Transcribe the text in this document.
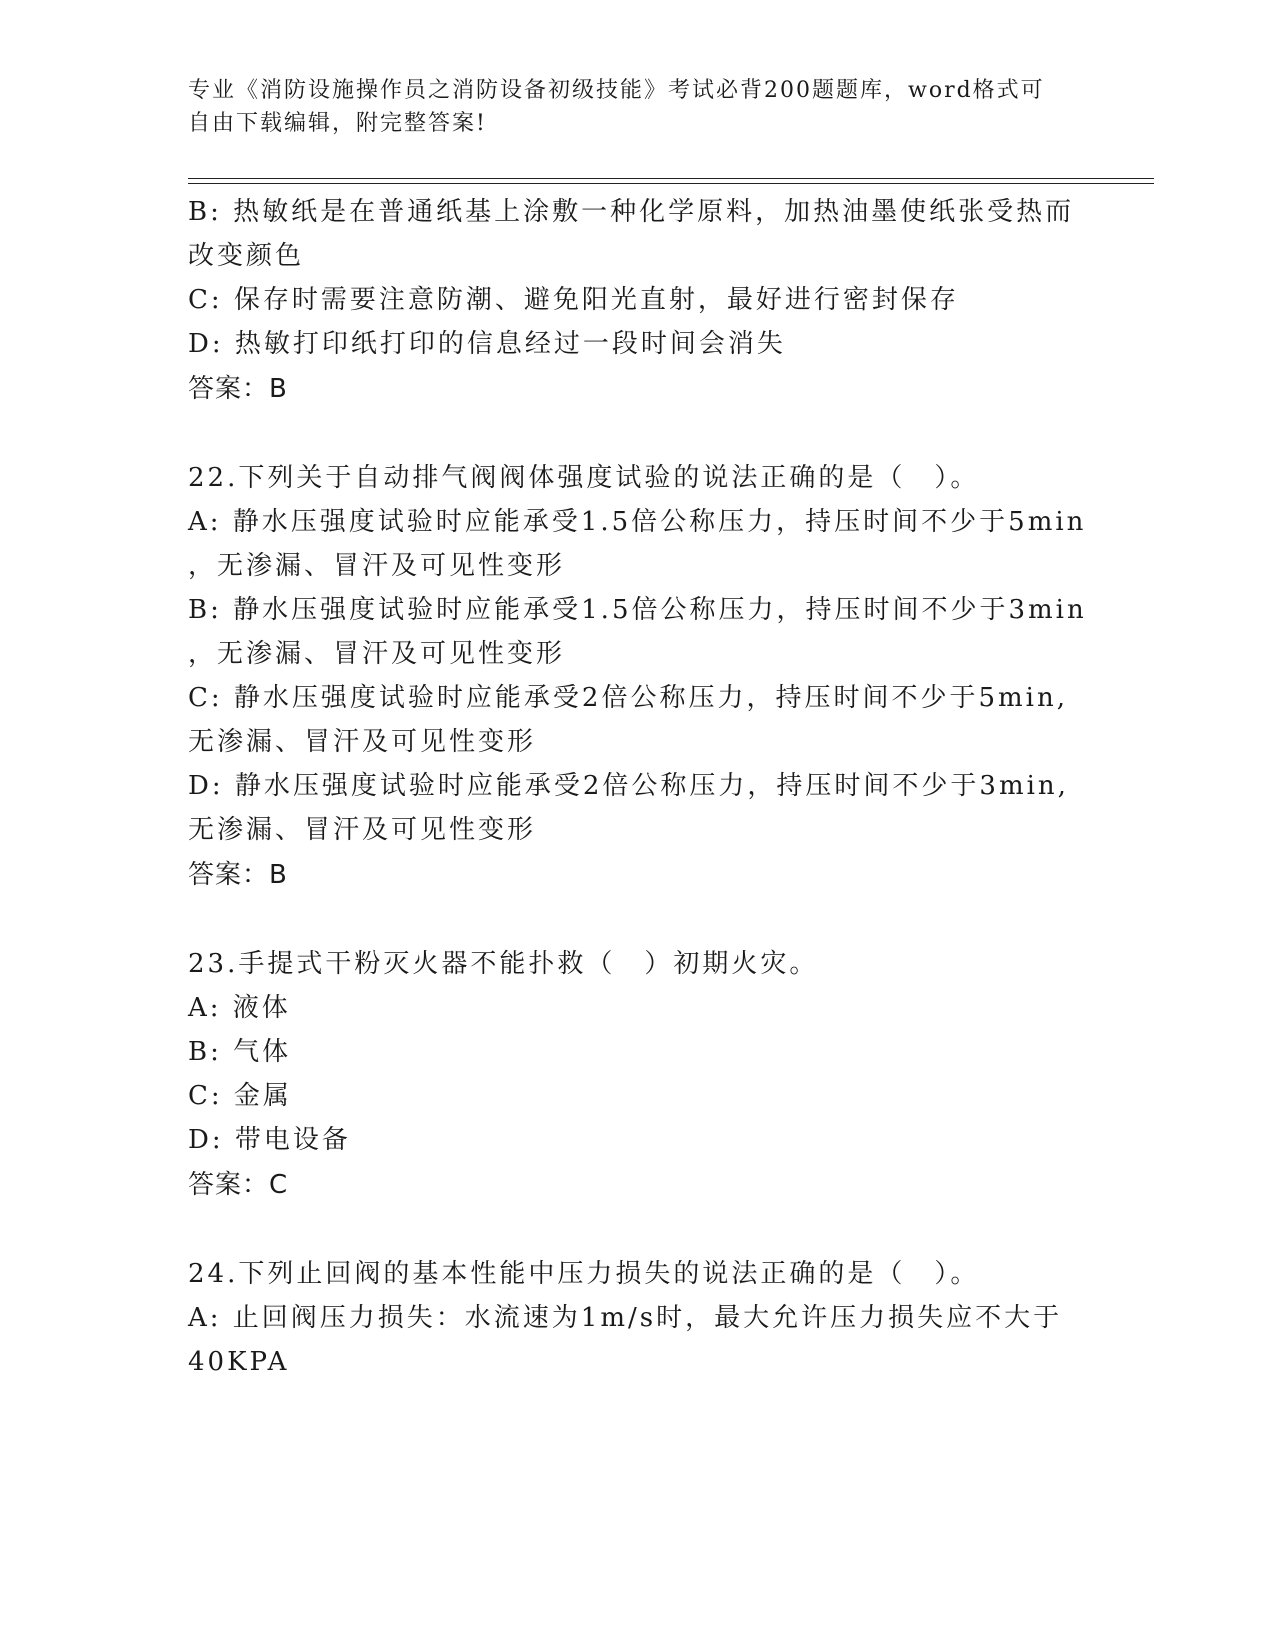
专业《消防设施操作员之消防设备初级技能》考试必背200题题库，word格式可

自由下载编辑，附完整答案!

B: 热敏纸是在普通纸基上涂敷一种化学原料，加热油墨使纸张受热而
改变颜色
C: 保存时需要注意防潮、避免阳光直射，最好进行密封保存
D: 热敏打印纸打印的信息经过一段时间会消失
答案：B
22.下列关于自动排气阀阀体强度试验的说法正确的是（　）。
A: 静水压强度试验时应能承受1.5倍公称压力，持压时间不少于5min
，无渗漏、冒汗及可见性变形
B: 静水压强度试验时应能承受1.5倍公称压力，持压时间不少于3min
，无渗漏、冒汗及可见性变形
C: 静水压强度试验时应能承受2倍公称压力，持压时间不少于5min,
无渗漏、冒汗及可见性变形
D: 静水压强度试验时应能承受2倍公称压力，持压时间不少于3min,
无渗漏、冒汗及可见性变形
答案：B
23.手提式干粉灭火器不能扑救（　）初期火灾。
A: 液体
B: 气体
C: 金属
D: 带电设备
答案：C
24.下列止回阀的基本性能中压力损失的说法正确的是（　）。
A: 止回阀压力损失：水流速为1m/s时，最大允许压力损失应不大于
40KPA
